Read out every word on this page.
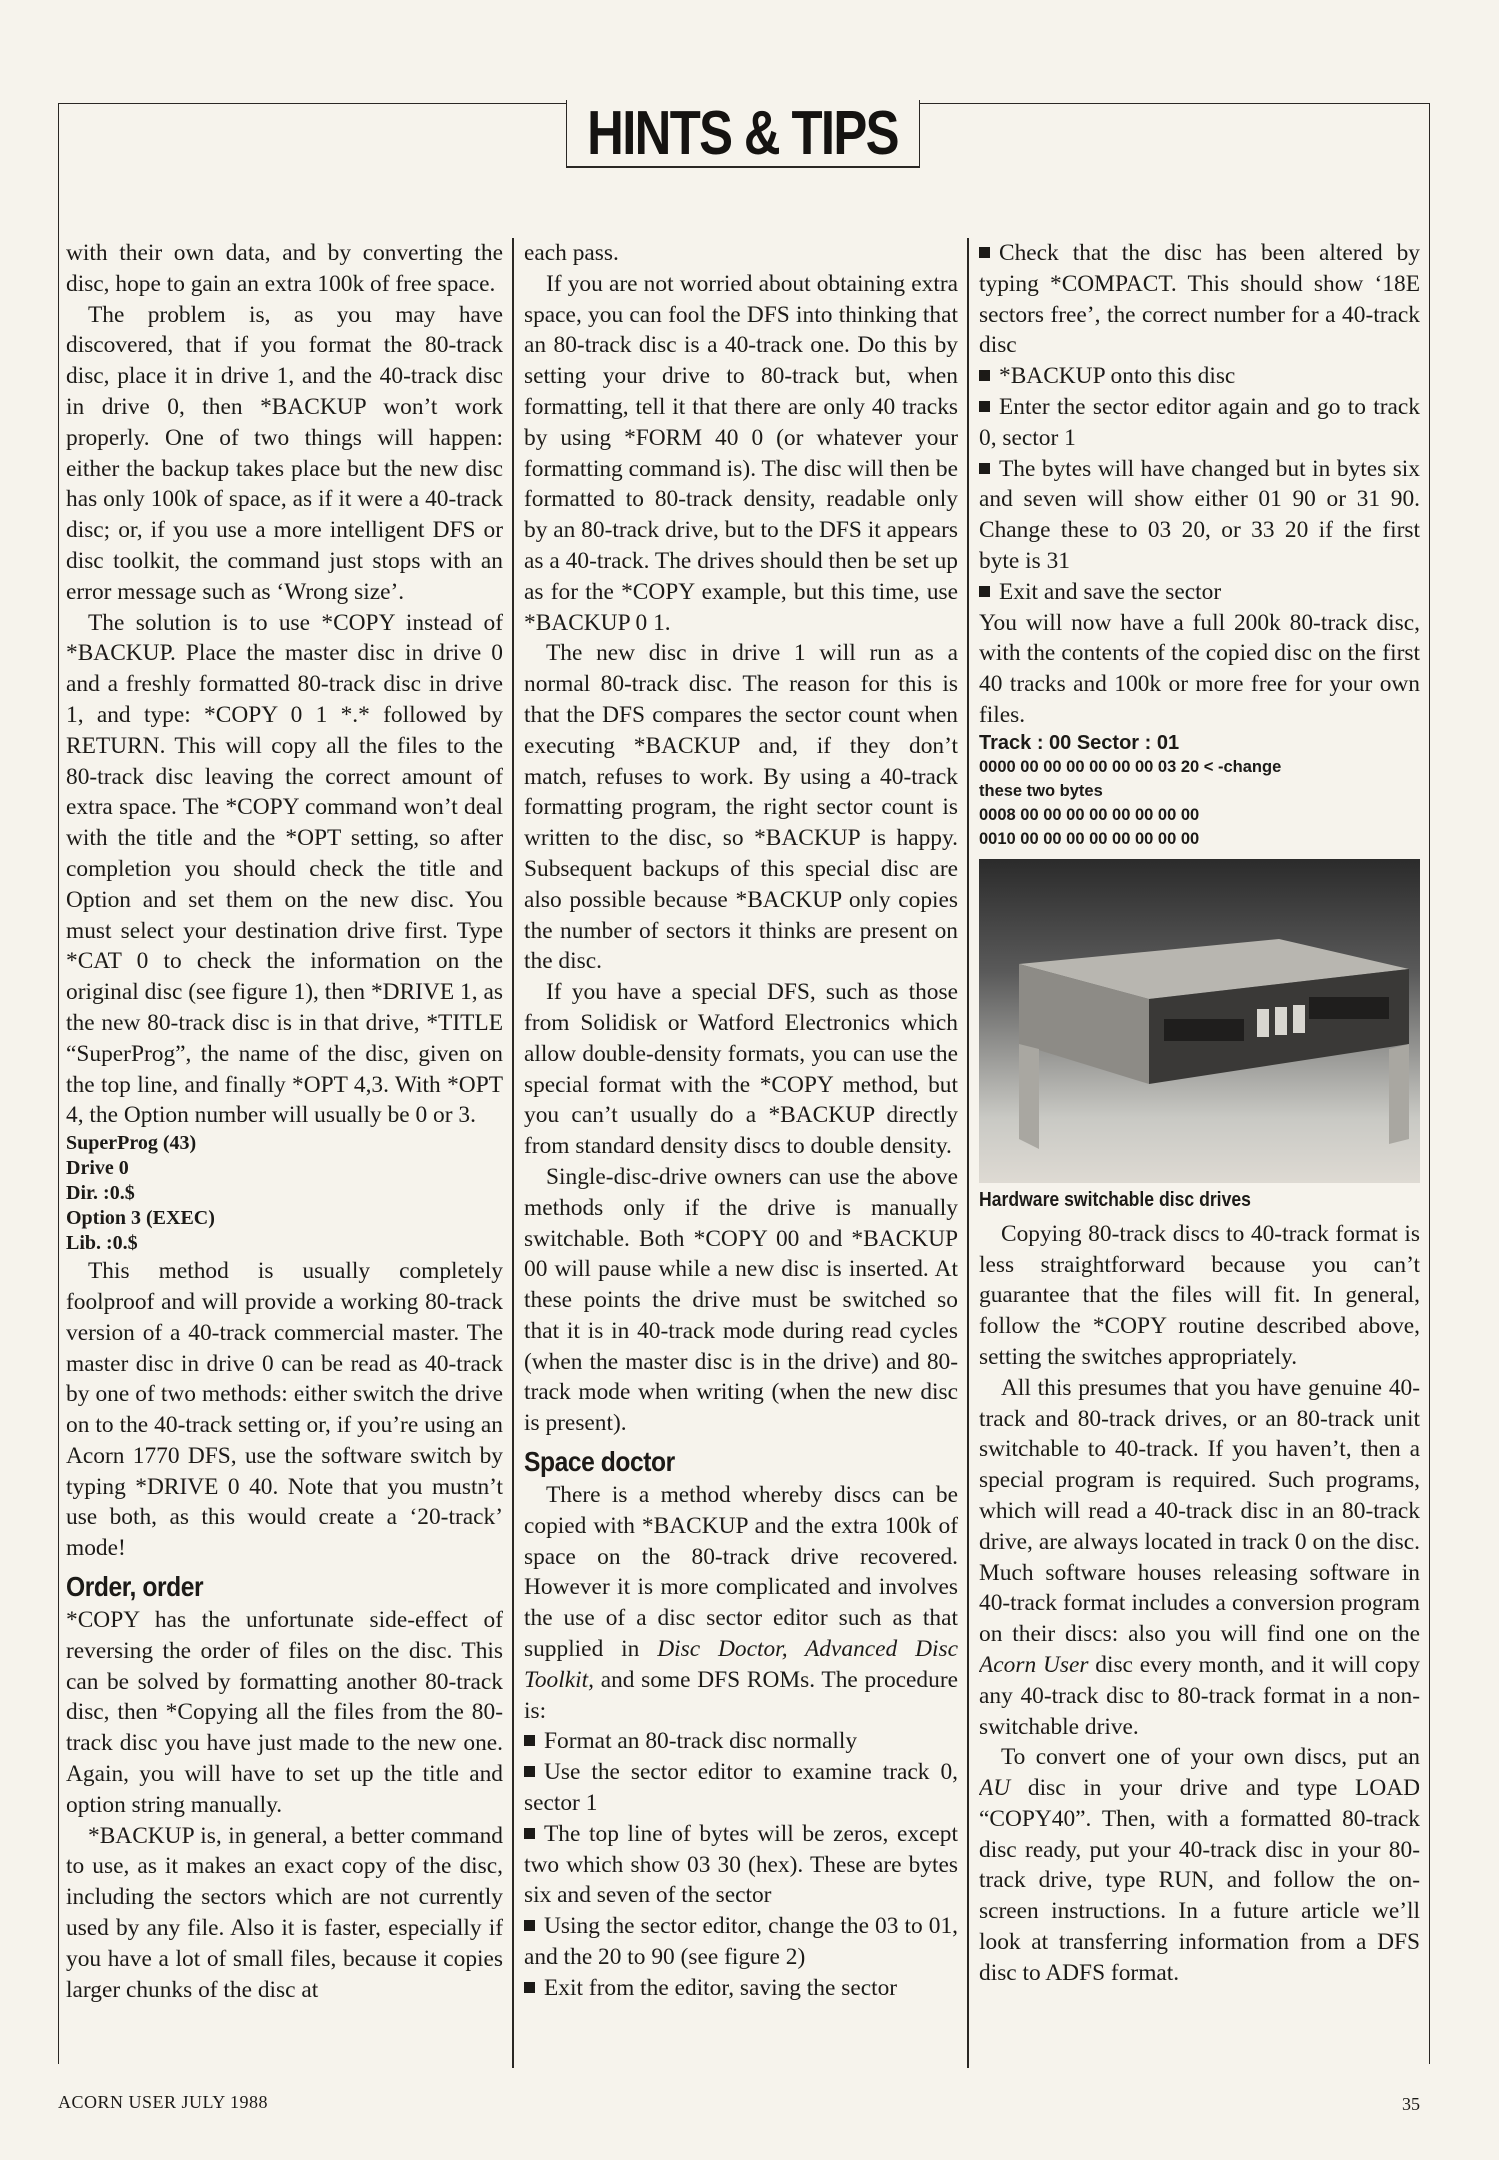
HINTS & TIPS

with their own data, and by converting the disc, hope to gain an extra 100k of free space.

The problem is, as you may have discovered, that if you format the 80-track disc, place it in drive 1, and the 40-track disc in drive 0, then *BACKUP won’t work properly. One of two things will happen: either the backup takes place but the new disc has only 100k of space, as if it were a 40-track disc; or, if you use a more intelligent DFS or disc toolkit, the command just stops with an error message such as ‘Wrong size’.

The solution is to use *COPY instead of *BACKUP. Place the master disc in drive 0 and a freshly formatted 80-track disc in drive 1, and type: *COPY 0 1 *.* followed by RETURN. This will copy all the files to the 80-track disc leaving the correct amount of extra space. The *COPY command won’t deal with the title and the *OPT setting, so after completion you should check the title and Option and set them on the new disc. You must select your destination drive first. Type *CAT 0 to check the information on the original disc (see figure 1), then *DRIVE 1, as the new 80-track disc is in that drive, *TITLE “SuperProg”, the name of the disc, given on the top line, and finally *OPT 4,3. With *OPT 4, the Option number will usually be 0 or 3.

SuperProg (43)
Drive 0
Dir. :0.$
Option 3 (EXEC)
Lib. :0.$

This method is usually completely foolproof and will provide a working 80-track version of a 40-track commercial master. The master disc in drive 0 can be read as 40-track by one of two methods: either switch the drive on to the 40-track setting or, if you’re using an Acorn 1770 DFS, use the software switch by typing *DRIVE 0 40. Note that you mustn’t use both, as this would create a ‘20-track’ mode!

Order, order

*COPY has the unfortunate side-effect of reversing the order of files on the disc. This can be solved by formatting another 80-track disc, then *Copying all the files from the 80-track disc you have just made to the new one. Again, you will have to set up the title and option string manually.

*BACKUP is, in general, a better command to use, as it makes an exact copy of the disc, including the sectors which are not currently used by any file. Also it is faster, especially if you have a lot of small files, because it copies larger chunks of the disc at

each pass.

If you are not worried about obtaining extra space, you can fool the DFS into thinking that an 80-track disc is a 40-track one. Do this by setting your drive to 80-track but, when formatting, tell it that there are only 40 tracks by using *FORM 40 0 (or whatever your formatting command is). The disc will then be formatted to 80-track density, readable only by an 80-track drive, but to the DFS it appears as a 40-track. The drives should then be set up as for the *COPY example, but this time, use *BACKUP 0 1.

The new disc in drive 1 will run as a normal 80-track disc. The reason for this is that the DFS compares the sector count when executing *BACKUP and, if they don’t match, refuses to work. By using a 40-track formatting program, the right sector count is written to the disc, so *BACKUP is happy. Subsequent backups of this special disc are also possible because *BACKUP only copies the number of sectors it thinks are present on the disc.

If you have a special DFS, such as those from Solidisk or Watford Electronics which allow double-density formats, you can use the special format with the *COPY method, but you can’t usually do a *BACKUP directly from standard density discs to double density.

Single-disc-drive owners can use the above methods only if the drive is manually switchable. Both *COPY 00 and *BACKUP 00 will pause while a new disc is inserted. At these points the drive must be switched so that it is in 40-track mode during read cycles (when the master disc is in the drive) and 80-track mode when writing (when the new disc is present).

Space doctor

There is a method whereby discs can be copied with *BACKUP and the extra 100k of space on the 80-track drive recovered. However it is more complicated and involves the use of a disc sector editor such as that supplied in Disc Doctor, Advanced Disc Toolkit, and some DFS ROMs. The procedure is:

Format an 80-track disc normally

Use the sector editor to examine track 0, sector 1

The top line of bytes will be zeros, except two which show 03 30 (hex). These are bytes six and seven of the sector

Using the sector editor, change the 03 to 01, and the 20 to 90 (see figure 2)

Exit from the editor, saving the sector

Check that the disc has been altered by typing *COMPACT. This should show ‘18E sectors free’, the correct number for a 40-track disc

*BACKUP onto this disc

Enter the sector editor again and go to track 0, sector 1

The bytes will have changed but in bytes six and seven will show either 01 90 or 31 90. Change these to 03 20, or 33 20 if the first byte is 31

Exit and save the sector

You will now have a full 200k 80-track disc, with the contents of the copied disc on the first 40 tracks and 100k or more free for your own files.

Track : 00 Sector : 01
0000 00 00 00 00 00 00 03 20 < -change
these two bytes
0008 00 00 00 00 00 00 00 00
0010 00 00 00 00 00 00 00 00
Hardware switchable disc drives

Copying 80-track discs to 40-track format is less straightforward because you can’t guarantee that the files will fit. In general, follow the *COPY routine described above, setting the switches appropriately.

All this presumes that you have genuine 40-track and 80-track drives, or an 80-track unit switchable to 40-track. If you haven’t, then a special program is required. Such programs, which will read a 40-track disc in an 80-track drive, are always located in track 0 on the disc. Much software houses releasing software in 40-track format includes a conversion program on their discs: also you will find one on the Acorn User disc every month, and it will copy any 40-track disc to 80-track format in a non-switchable drive.

To convert one of your own discs, put an AU disc in your drive and type LOAD “COPY40”. Then, with a formatted 80-track disc ready, put your 40-track disc in your 80-track drive, type RUN, and follow the on-screen instructions. In a future article we’ll look at transferring information from a DFS disc to ADFS format.

ACORN USER JULY 1988	35
